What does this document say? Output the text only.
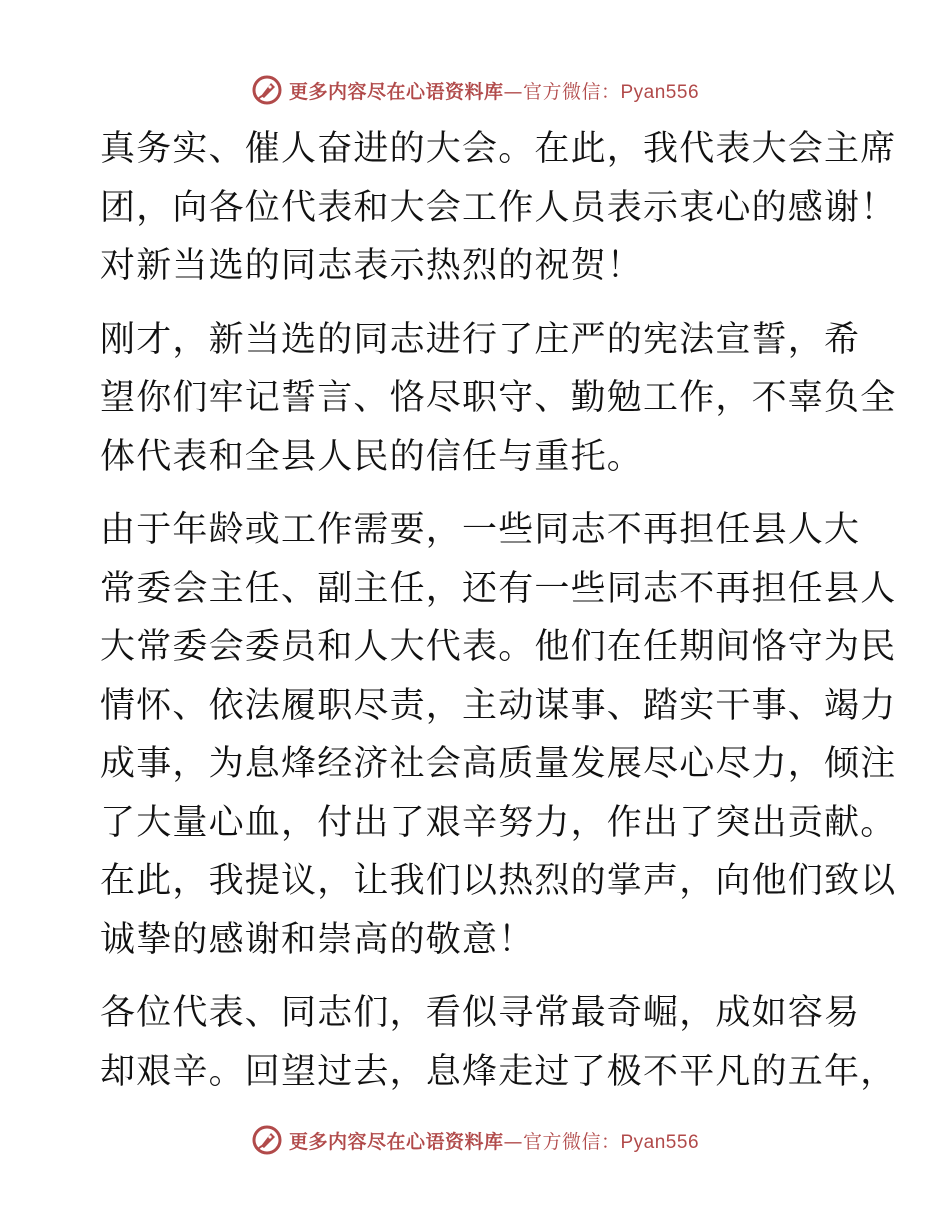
更多内容尽在心语资料库—官方微信：Pyan556
真务实、催人奋进的大会。在此，我代表大会主席
团，向各位代表和大会工作人员表示衷心的感谢！
对新当选的同志表示热烈的祝贺！
刚才，新当选的同志进行了庄严的宪法宣誓，希
望你们牢记誓言、恪尽职守、勤勉工作，不辜负全
体代表和全县人民的信任与重托。
由于年龄或工作需要，一些同志不再担任县人大
常委会主任、副主任，还有一些同志不再担任县人
大常委会委员和人大代表。他们在任期间恪守为民
情怀、依法履职尽责，主动谋事、踏实干事、竭力
成事，为息烽经济社会高质量发展尽心尽力，倾注
了大量心血，付出了艰辛努力，作出了突出贡献。
在此，我提议，让我们以热烈的掌声，向他们致以
诚挚的感谢和崇高的敬意！
各位代表、同志们，看似寻常最奇崛，成如容易
却艰辛。回望过去，息烽走过了极不平凡的五年，
更多内容尽在心语资料库—官方微信：Pyan556
